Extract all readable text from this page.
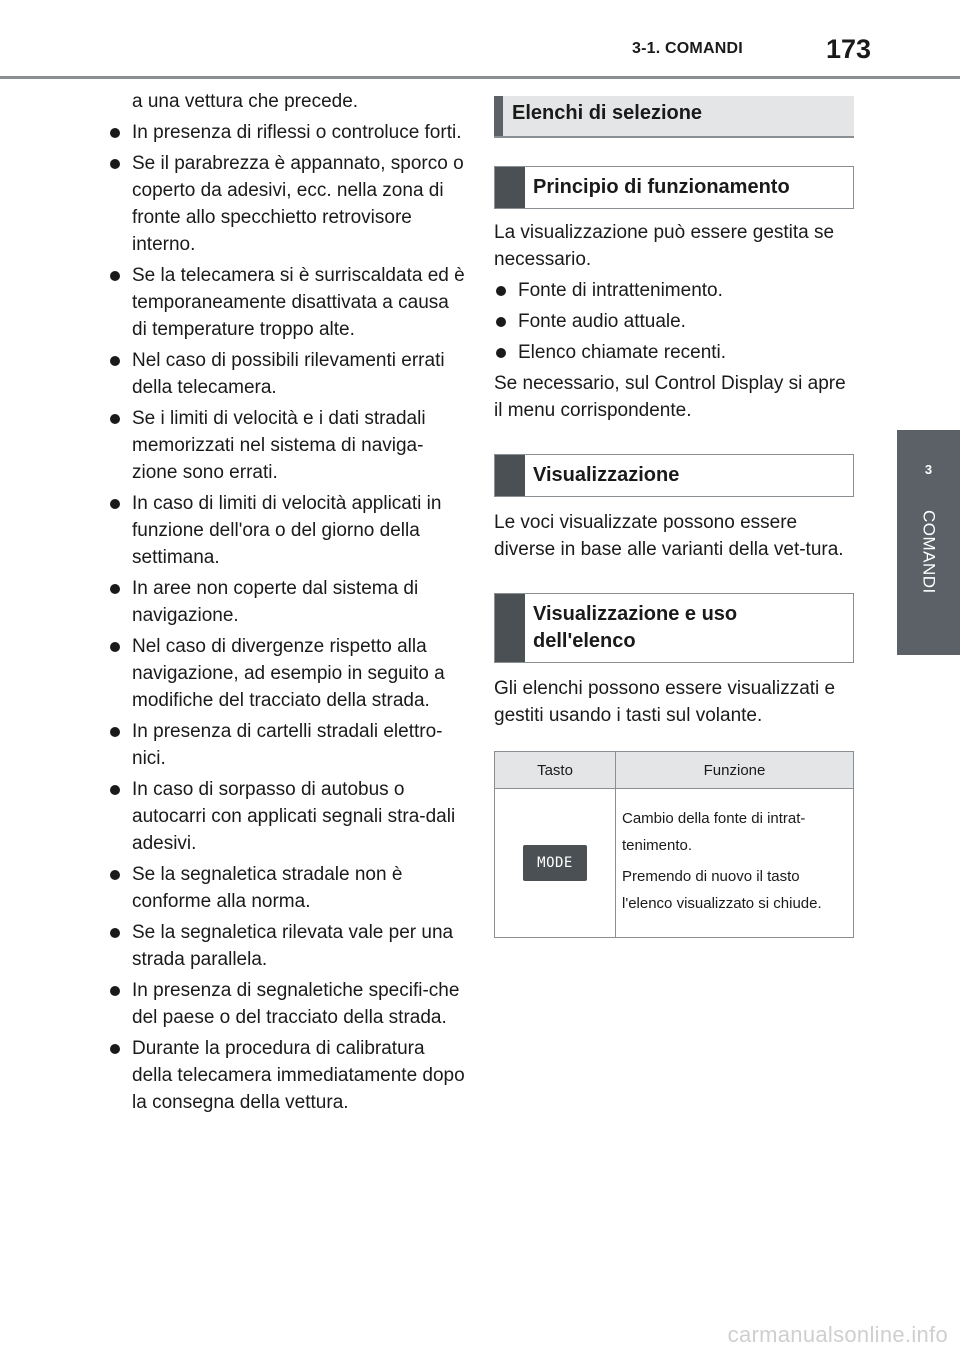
3-1. COMANDI	173
3
COMANDI
a una vettura che precede.
In presenza di riflessi o controluce forti.
Se il parabrezza è appannato, sporco o coperto da adesivi, ecc. nella zona di fronte allo specchietto retrovisore interno.
Se la telecamera si è surriscaldata ed è temporaneamente disattivata a causa di temperature troppo alte.
Nel caso di possibili rilevamenti errati della telecamera.
Se i limiti di velocità e i dati stradali memorizzati nel sistema di naviga-zione sono errati.
In caso di limiti di velocità applicati in funzione dell'ora o del giorno della settimana.
In aree non coperte dal sistema di navigazione.
Nel caso di divergenze rispetto alla navigazione, ad esempio in seguito a modifiche del tracciato della strada.
In presenza di cartelli stradali elettro-nici.
In caso di sorpasso di autobus o autocarri con applicati segnali stra-dali adesivi.
Se la segnaletica stradale non è conforme alla norma.
Se la segnaletica rilevata vale per una strada parallela.
In presenza di segnaletiche specifi-che del paese o del tracciato della strada.
Durante la procedura di calibratura della telecamera immediatamente dopo la consegna della vettura.
Elenchi di selezione
Principio di funzionamento

La visualizzazione può essere gestita se necessario.

Fonte di intrattenimento.
Fonte audio attuale.
Elenco chiamate recenti.

Se necessario, sul Control Display si apre il menu corrispondente.

Visualizzazione

Le voci visualizzate possono essere diverse in base alle varianti della vet-tura.

Visualizzazione e uso dell'elenco

Gli elenchi possono essere visualizzati e gestiti usando i tasti sul volante.

Tasto	Funzione
MODE	Cambio della fonte di intrat-tenimento.

Premendo di nuovo il tasto l'elenco visualizzato si chiude.

carmanualsonline.info
